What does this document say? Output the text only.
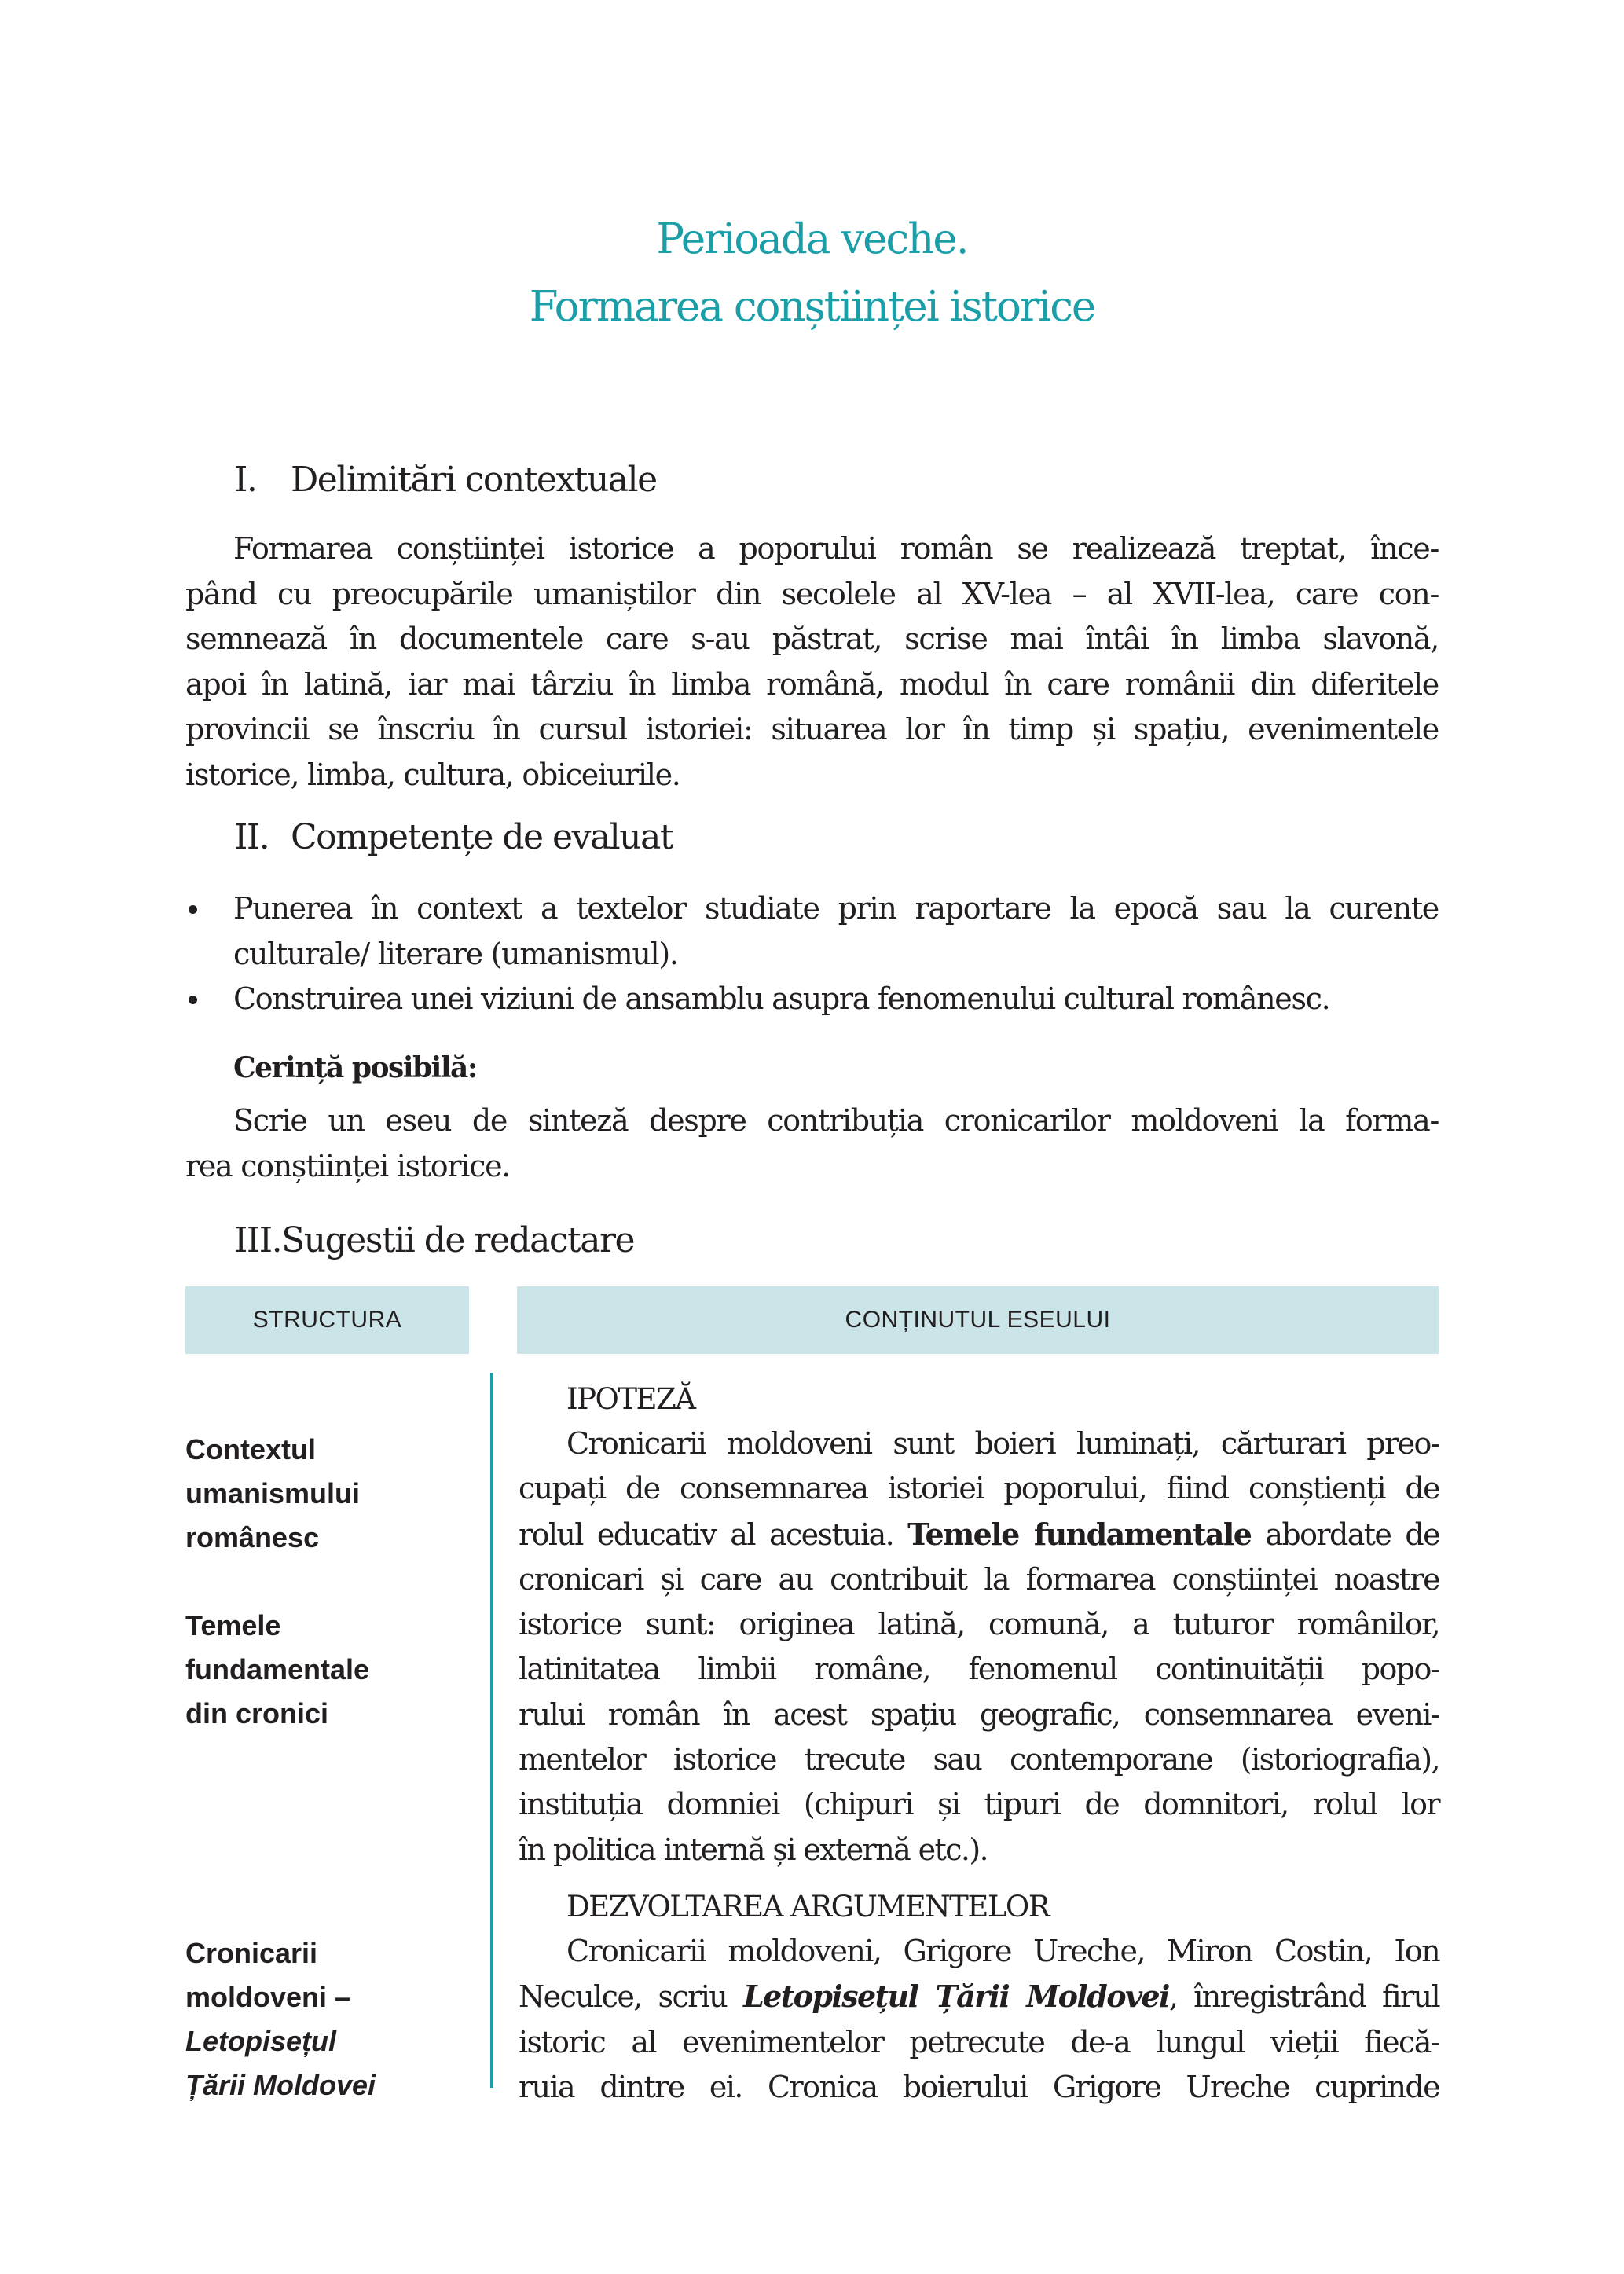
Perioada veche.
Formarea conștiinței istorice
I. Delimitări contextuale
Formarea conștiinței istorice a poporului român se realizează treptat, înce-
pând cu preocupările umaniștilor din secolele al XV-lea – al XVII-lea, care con-
semnează în documentele care s-au păstrat, scrise mai întâi în limba slavonă,
apoi în latină, iar mai târziu în limba română, modul în care românii din diferitele
provincii se înscriu în cursul istoriei: situarea lor în timp și spațiu, evenimentele
istorice, limba, cultura, obiceiurile.
II. Competențe de evaluat
Punerea în context a textelor studiate prin raportare la epocă sau la curente
culturale/ literare (umanismul).
Construirea unei viziuni de ansamblu asupra fenomenului cultural românesc.
Cerință posibilă:
Scrie un eseu de sinteză despre contribuția cronicarilor moldoveni la forma-
rea conștiinței istorice.
III.Sugestii de redactare
STRUCTURA	CONȚINUTUL ESEULUI
Contextul
umanismului
românesc
Temele
fundamentale
din cronici
Cronicarii
moldoveni –
Letopisețul
Țării Moldovei
IPOTEZĂ
Cronicarii moldoveni sunt boieri luminați, cărturari preo-
cupați de consemnarea istoriei poporului, fiind conștienți de
rolul educativ al acestuia. Temele fundamentale abordate de
cronicari și care au contribuit la formarea conștiinței noastre
istorice sunt: originea latină, comună, a tuturor românilor,
latinitatea limbii române, fenomenul continuității popo-
rului român în acest spațiu geografic, consemnarea eveni-
mentelor istorice trecute sau contemporane (istoriografia),
instituția domniei (chipuri și tipuri de domnitori, rolul lor
în politica internă și externă etc.).
DEZVOLTAREA ARGUMENTELOR
Cronicarii moldoveni, Grigore Ureche, Miron Costin, Ion
Neculce, scriu Letopisețul Țării Moldovei, înregistrând firul
istoric al evenimentelor petrecute de-a lungul vieții fiecă-
ruia dintre ei. Cronica boierului Grigore Ureche cuprinde
